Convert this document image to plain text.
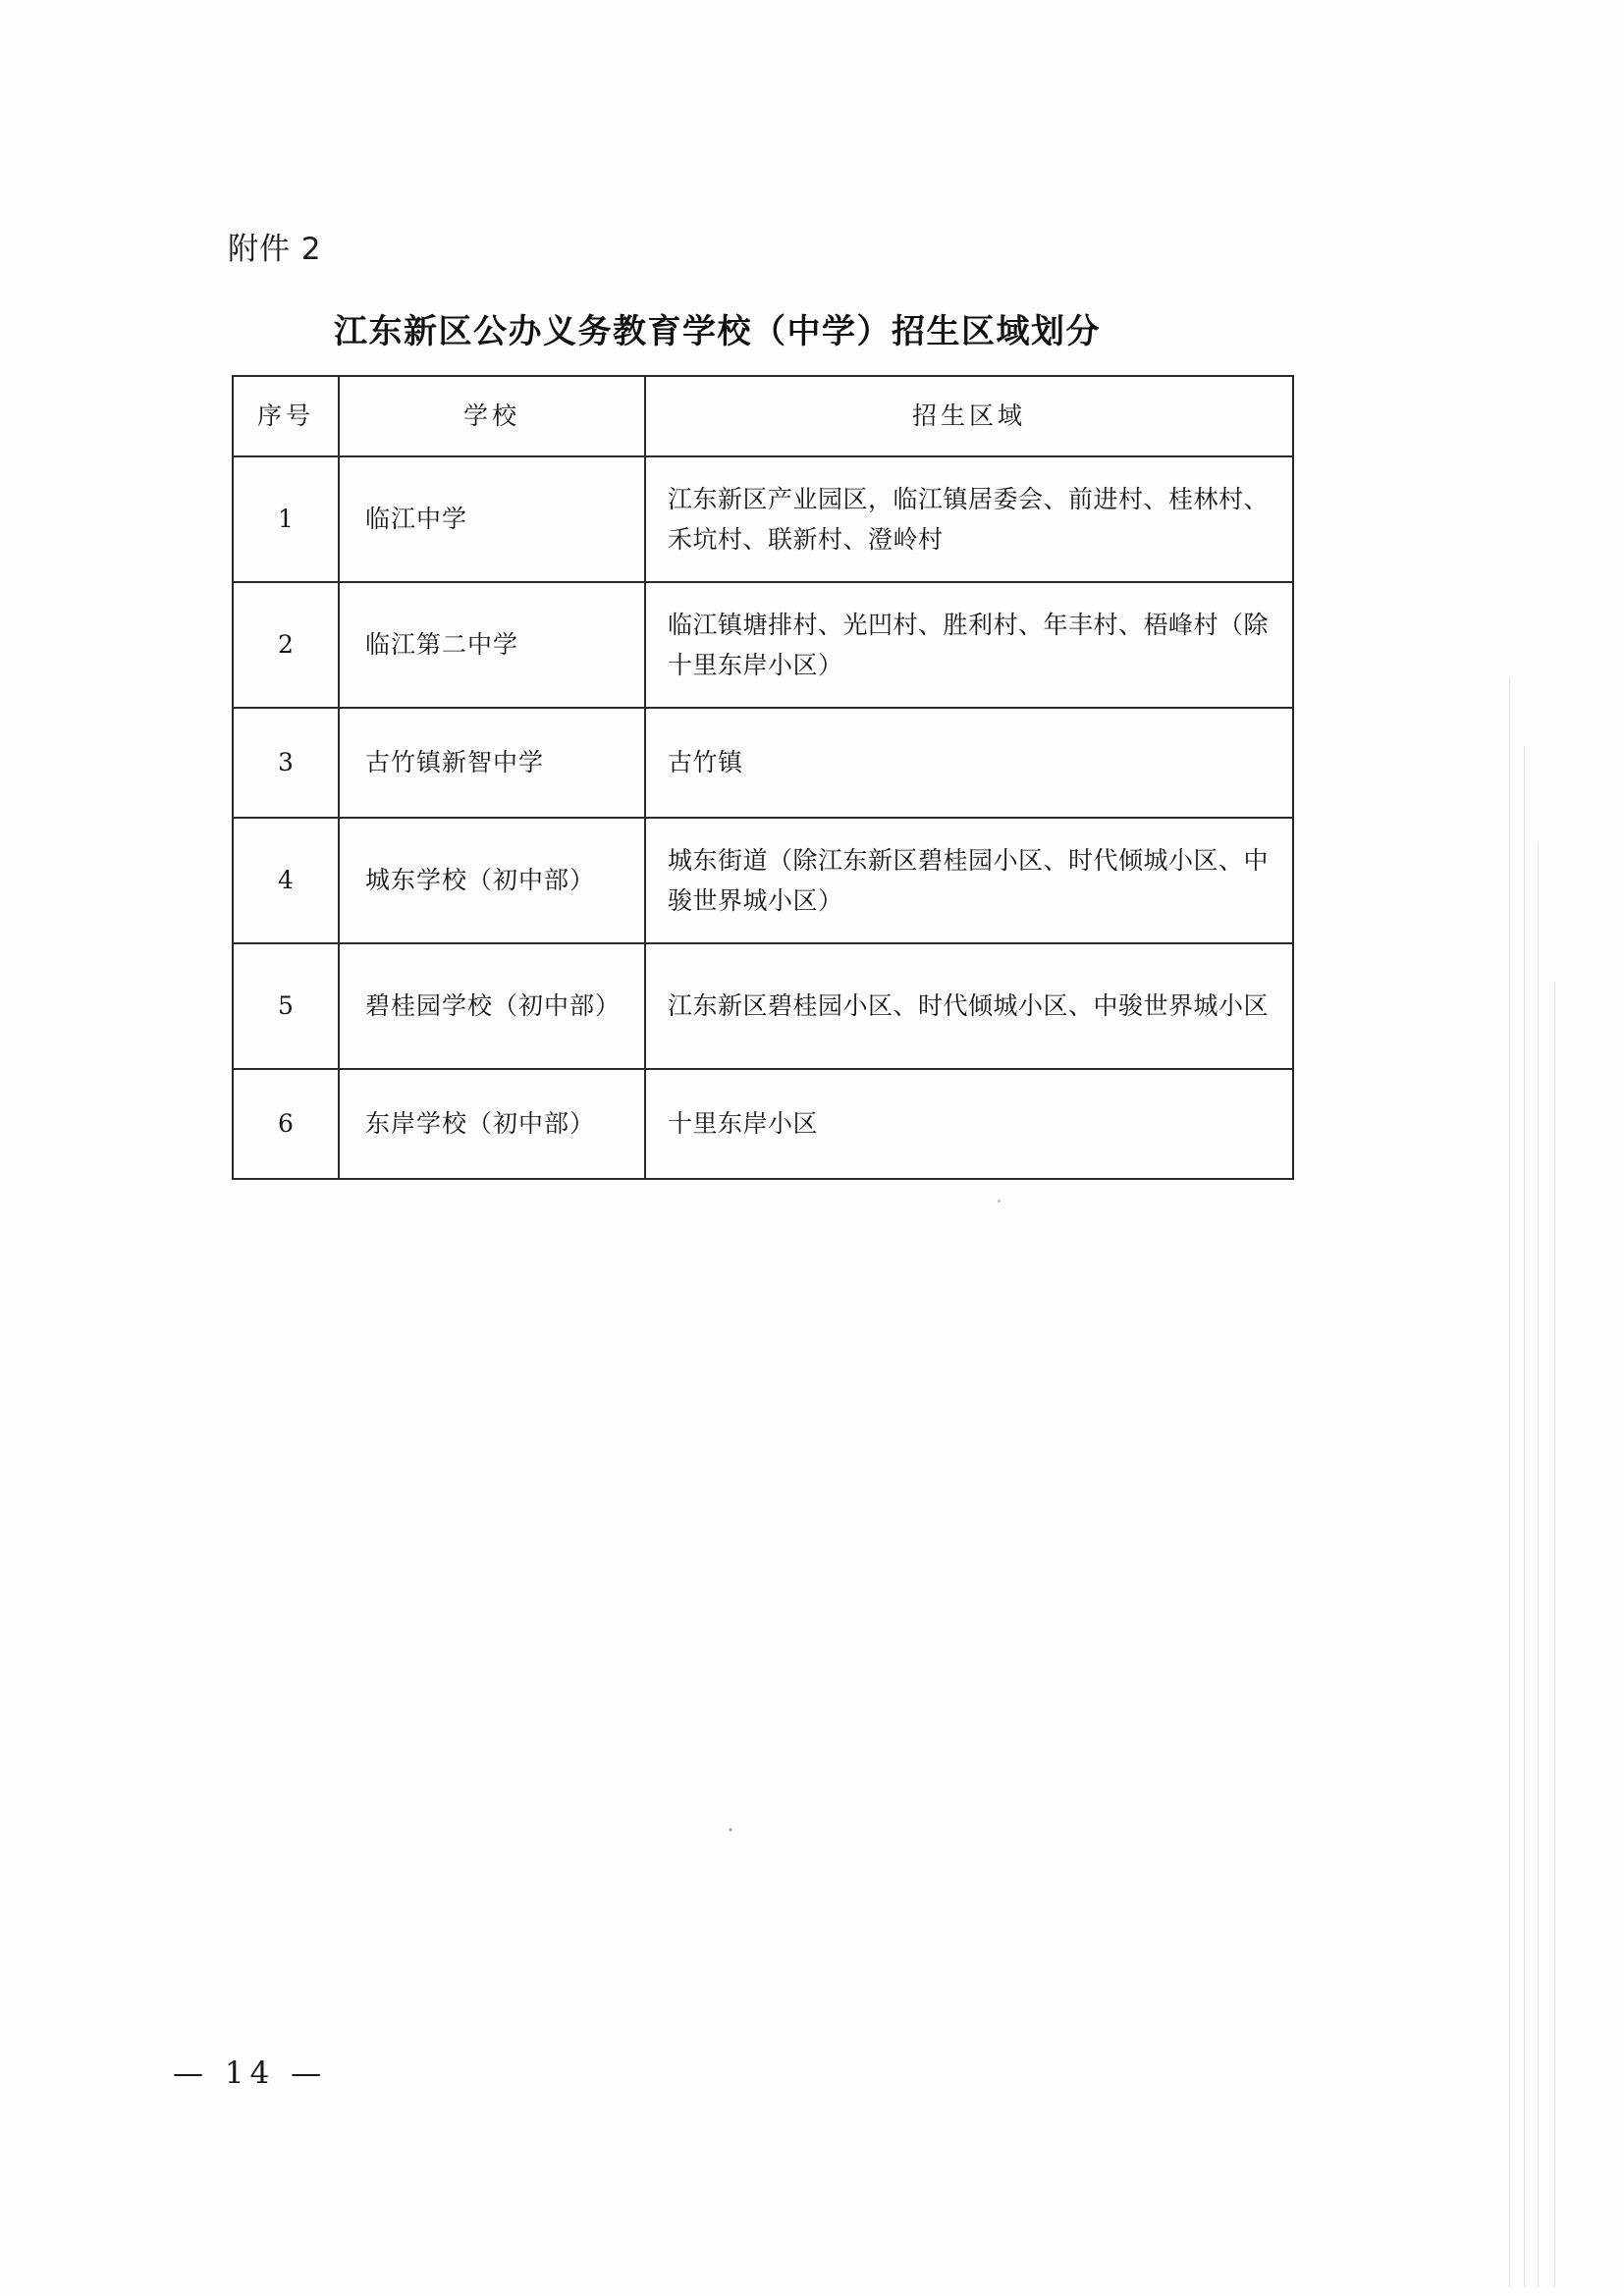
附件 2
江东新区公办义务教育学校（中学）招生区域划分
序号	学校	招生区域
1	临江中学	江东新区产业园区，临江镇居委会、前进村、桂林村、禾坑村、联新村、澄岭村
2	临江第二中学	临江镇塘排村、光凹村、胜利村、年丰村、梧峰村（除十里东岸小区）
3	古竹镇新智中学	古竹镇
4	城东学校（初中部）	城东街道（除江东新区碧桂园小区、时代倾城小区、中骏世界城小区）
5	碧桂园学校（初中部）	江东新区碧桂园小区、时代倾城小区、中骏世界城小区
6	东岸学校（初中部）	十里东岸小区
— 14 —
